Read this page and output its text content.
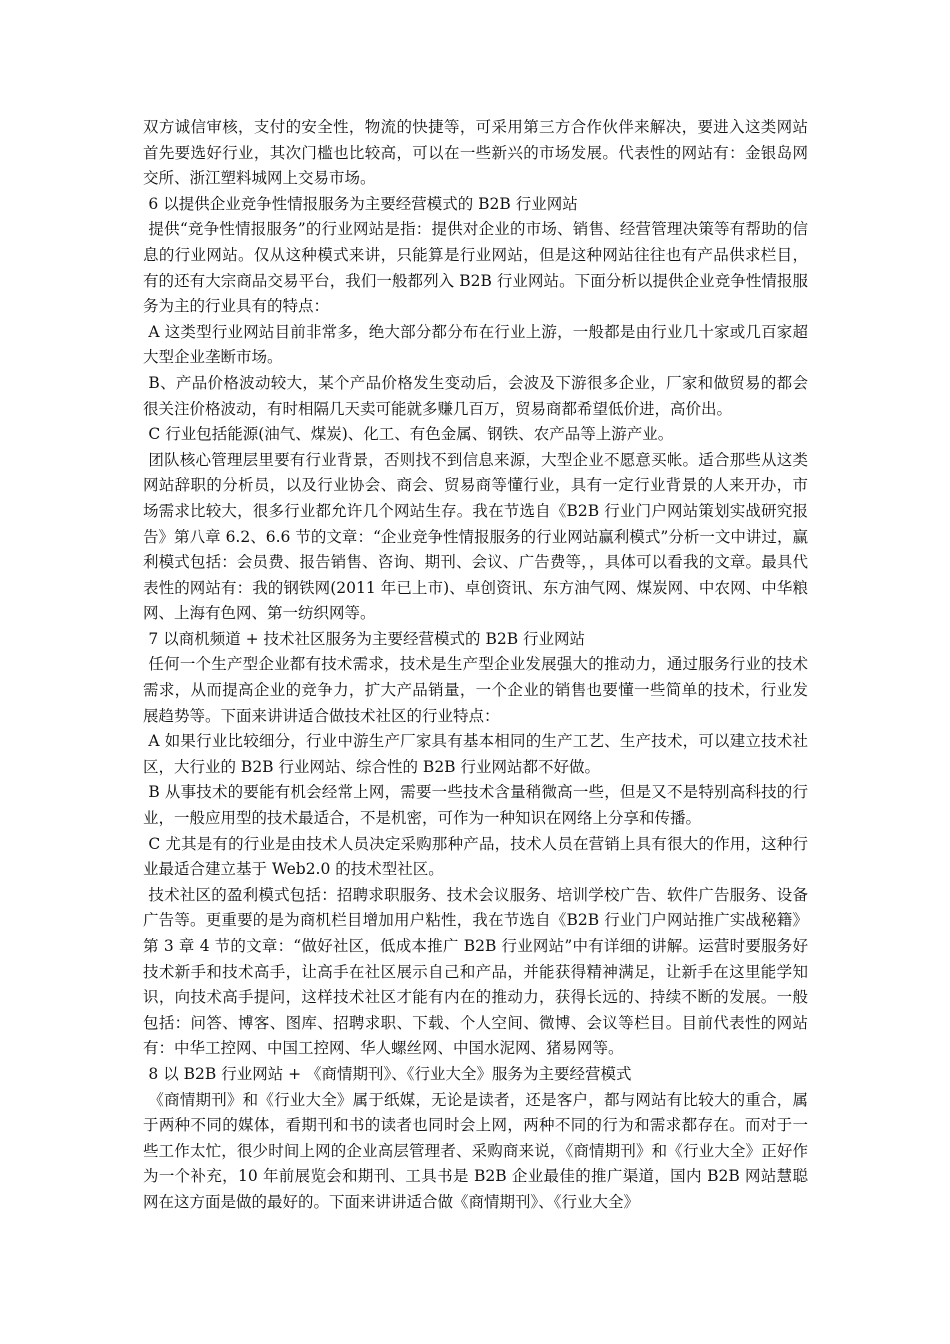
双方诚信审核，支付的安全性，物流的快捷等，可采用第三方合作伙伴来解决，要进入这类网站首先要选好行业，其次门槛也比较高，可以在一些新兴的市场发展。代表性的网站有：金银岛网交所、浙江塑料城网上交易市场。

6 以提供企业竞争性情报服务为主要经营模式的 B2B 行业网站

提供“竞争性情报服务”的行业网站是指：提供对企业的市场、销售、经营管理决策等有帮助的信息的行业网站。仅从这种模式来讲，只能算是行业网站，但是这种网站往往也有产品供求栏目，有的还有大宗商品交易平台，我们一般都列入 B2B 行业网站。下面分析以提供企业竞争性情报服务为主的行业具有的特点：

A 这类型行业网站目前非常多，绝大部分都分布在行业上游，一般都是由行业几十家或几百家超大型企业垄断市场。

B、产品价格波动较大，某个产品价格发生变动后，会波及下游很多企业，厂家和做贸易的都会很关注价格波动，有时相隔几天卖可能就多赚几百万，贸易商都希望低价进，高价出。

C 行业包括能源(油气、煤炭)、化工、有色金属、钢铁、农产品等上游产业。

团队核心管理层里要有行业背景，否则找不到信息来源，大型企业不愿意买帐。适合那些从这类网站辞职的分析员，以及行业协会、商会、贸易商等懂行业，具有一定行业背景的人来开办，市场需求比较大，很多行业都允许几个网站生存。我在节选自《B2B 行业门户网站策划实战研究报告》第八章 6.2、6.6 节的文章：“企业竞争性情报服务的行业网站赢利模式”分析一文中讲过，赢利模式包括：会员费、报告销售、咨询、期刊、会议、广告费等，，具体可以看我的文章。最具代表性的网站有：我的钢铁网(2011 年已上市)、卓创资讯、东方油气网、煤炭网、中农网、中华粮网、上海有色网、第一纺织网等。

7 以商机频道 + 技术社区服务为主要经营模式的 B2B 行业网站

任何一个生产型企业都有技术需求，技术是生产型企业发展强大的推动力，通过服务行业的技术需求，从而提高企业的竞争力，扩大产品销量，一个企业的销售也要懂一些简单的技术，行业发展趋势等。下面来讲讲适合做技术社区的行业特点：

A 如果行业比较细分，行业中游生产厂家具有基本相同的生产工艺、生产技术，可以建立技术社区，大行业的 B2B 行业网站、综合性的 B2B 行业网站都不好做。

B 从事技术的要能有机会经常上网，需要一些技术含量稍微高一些，但是又不是特别高科技的行业，一般应用型的技术最适合，不是机密，可作为一种知识在网络上分享和传播。

C 尤其是有的行业是由技术人员决定采购那种产品，技术人员在营销上具有很大的作用，这种行业最适合建立基于 Web2.0 的技术型社区。

技术社区的盈利模式包括：招聘求职服务、技术会议服务、培训学校广告、软件广告服务、设备广告等。更重要的是为商机栏目增加用户粘性，我在节选自《B2B 行业门户网站推广实战秘籍》第 3 章 4 节的文章：“做好社区，低成本推广 B2B 行业网站”中有详细的讲解。运营时要服务好技术新手和技术高手，让高手在社区展示自己和产品，并能获得精神满足，让新手在这里能学知识，向技术高手提问，这样技术社区才能有内在的推动力，获得长远的、持续不断的发展。一般包括：问答、博客、图库、招聘求职、下载、个人空间、微博、会议等栏目。目前代表性的网站有：中华工控网、中国工控网、华人螺丝网、中国水泥网、猪易网等。

8 以 B2B 行业网站 + 《商情期刊》、《行业大全》服务为主要经营模式

《商情期刊》和《行业大全》属于纸媒，无论是读者，还是客户，都与网站有比较大的重合，属于两种不同的媒体，看期刊和书的读者也同时会上网，两种不同的行为和需求都存在。而对于一些工作太忙，很少时间上网的企业高层管理者、采购商来说，《商情期刊》和《行业大全》正好作为一个补充，10 年前展览会和期刊、工具书是 B2B 企业最佳的推广渠道，国内 B2B 网站慧聪网在这方面是做的最好的。下面来讲讲适合做《商情期刊》、《行业大全》
